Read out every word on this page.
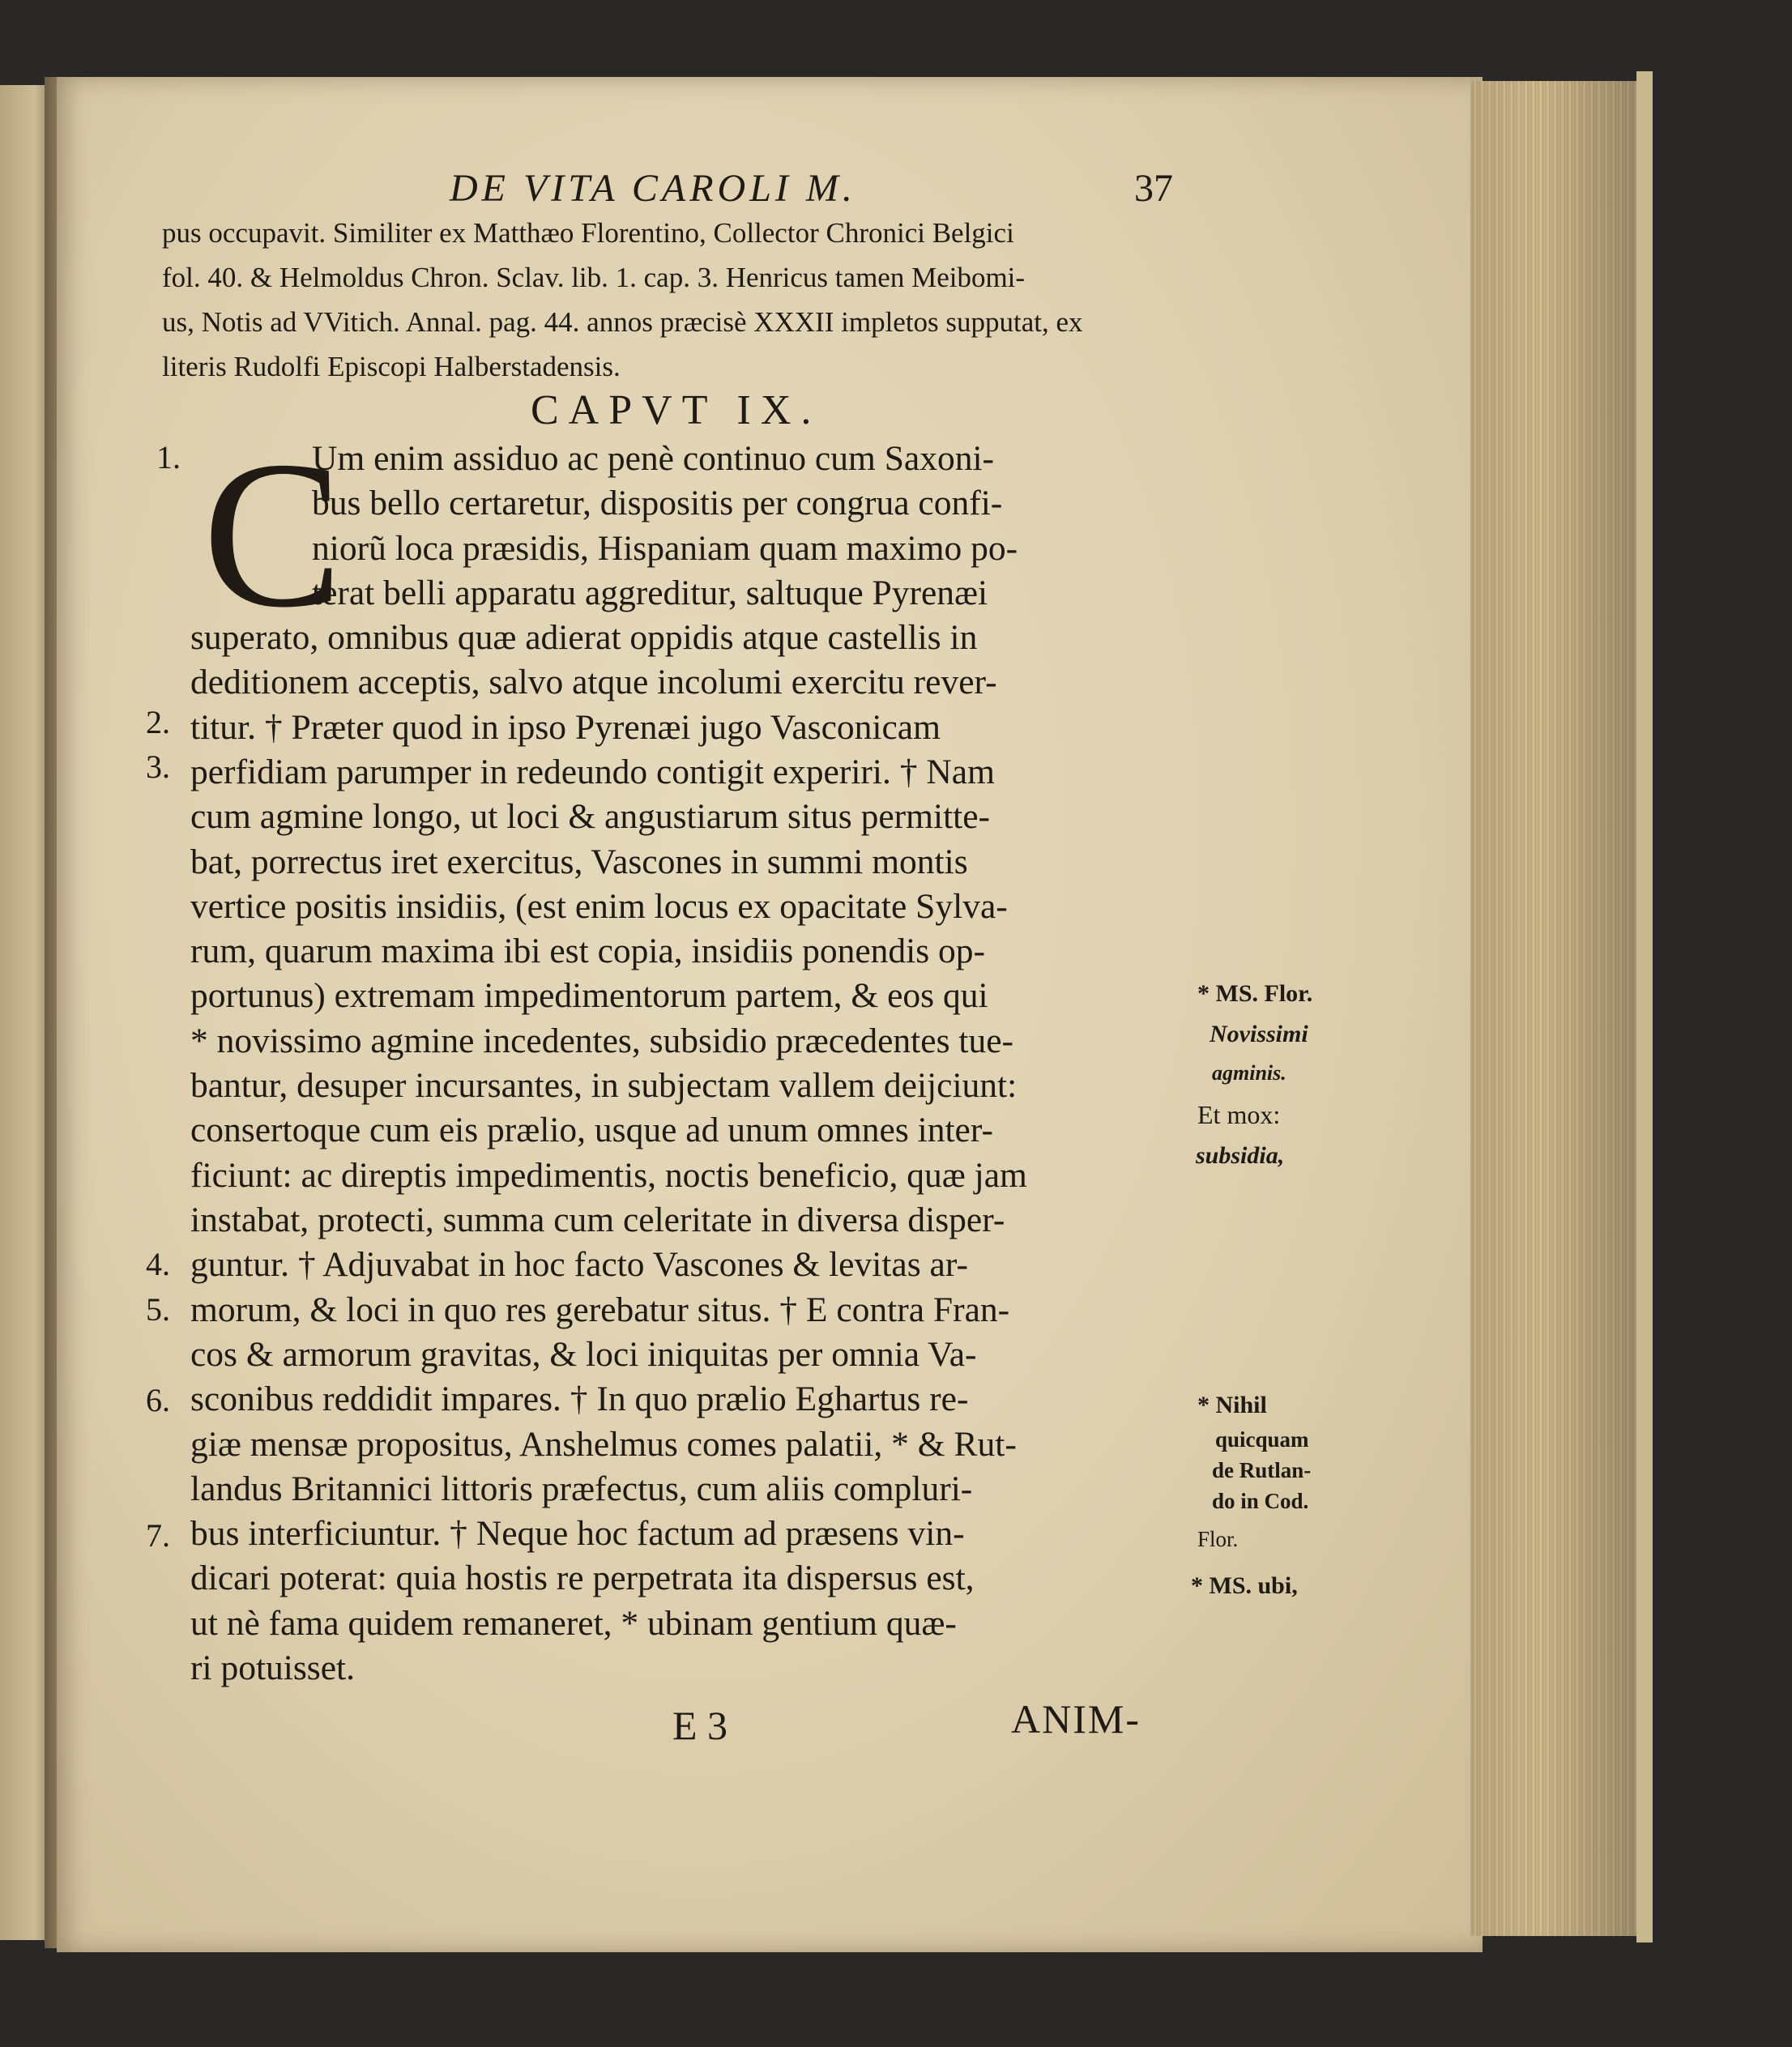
DE VITA CAROLI M.	37
pus occupavit. Similiter ex Matthæo Florentino, Collector Chronici Belgici
fol. 40. & Helmoldus Chron. Sclav. lib. 1. cap. 3. Henricus tamen Meibomi-
us, Notis ad VVitich. Annal. pag. 44. annos præcisè XXXII impletos supputat, ex
literis Rudolfi Episcopi Halberstadensis.
CAPVT IX.
C
1.
2.
3.
4.
5.
6.
7.
Um enim assiduo ac penè continuo cum Saxoni-
bus bello certaretur, dispositis per congrua confi-
niorũ loca præsidis, Hispaniam quam maximo po-
terat belli apparatu aggreditur, saltuque Pyrenæi
superato, omnibus quæ adierat oppidis atque castellis in
deditionem acceptis, salvo atque incolumi exercitu rever-
titur. † Præter quod in ipso Pyrenæi jugo Vasconicam
perfidiam parumper in redeundo contigit experiri. † Nam
cum agmine longo, ut loci & angustiarum situs permitte-
bat, porrectus iret exercitus, Vascones in summi montis
vertice positis insidiis, (est enim locus ex opacitate Sylva-
rum, quarum maxima ibi est copia, insidiis ponendis op-
portunus) extremam impedimentorum partem, & eos qui
* novissimo agmine incedentes, subsidio præcedentes tue-
bantur, desuper incursantes, in subjectam vallem deijciunt:
consertoque cum eis prælio, usque ad unum omnes inter-
ficiunt: ac direptis impedimentis, noctis beneficio, quæ jam
instabat, protecti, summa cum celeritate in diversa disper-
guntur. † Adjuvabat in hoc facto Vascones & levitas ar-
morum, & loci in quo res gerebatur situs. † E contra Fran-
cos & armorum gravitas, & loci iniquitas per omnia Va-
sconibus reddidit impares. † In quo prælio Eghartus re-
giæ mensæ propositus, Anshelmus comes palatii, * & Rut-
landus Britannici littoris præfectus, cum aliis compluri-
bus interficiuntur. † Neque hoc factum ad præsens vin-
dicari poterat: quia hostis re perpetrata ita dispersus est,
ut nè fama quidem remaneret, * ubinam gentium quæ-
ri potuisset.
* MS. Flor.
Novissimi
agminis.
Et mox:
subsidia,
* Nihil
quicquam
de Rutlan-
do in Cod.
Flor.
* MS. ubi,
E 3	ANIM-
